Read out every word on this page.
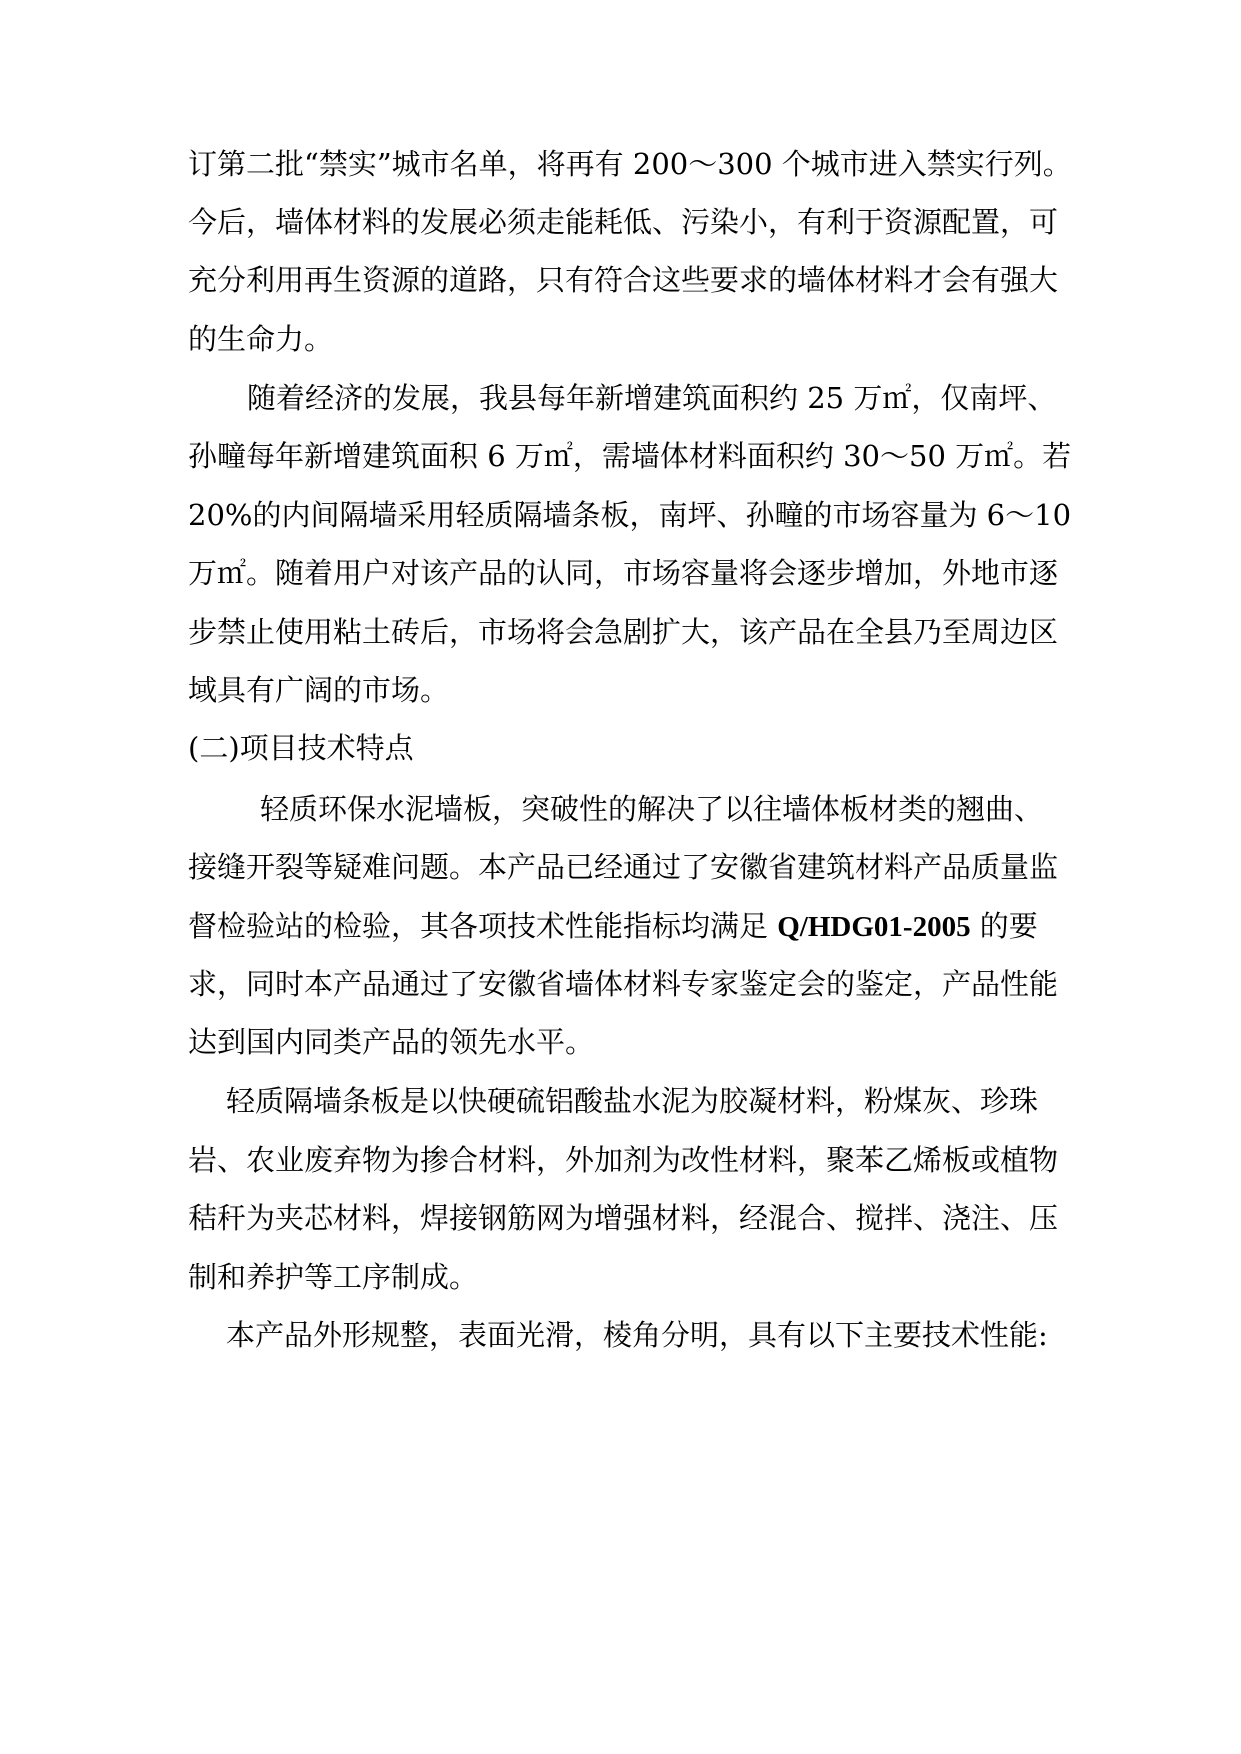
订第二批“禁实”城市名单，将再有 200～300 个城市进入禁实行列。
今后，墙体材料的发展必须走能耗低、污染小，有利于资源配置，可
充分利用再生资源的道路，只有符合这些要求的墙体材料才会有强大
的生命力。
随着经济的发展，我县每年新增建筑面积约 25 万㎡，仅南坪、
孙疃每年新增建筑面积 6 万㎡，需墙体材料面积约 30～50 万㎡。若
20%的内间隔墙采用轻质隔墙条板，南坪、孙疃的市场容量为 6～10
万㎡。随着用户对该产品的认同，市场容量将会逐步增加，外地市逐
步禁止使用粘土砖后，市场将会急剧扩大，该产品在全县乃至周边区
域具有广阔的市场。
(二)项目技术特点
轻质环保水泥墙板，突破性的解决了以往墙体板材类的翘曲、
接缝开裂等疑难问题。本产品已经通过了安徽省建筑材料产品质量监
督检验站的检验，其各项技术性能指标均满足 Q/HDG01-2005 的要
求，同时本产品通过了安徽省墙体材料专家鉴定会的鉴定，产品性能
达到国内同类产品的领先水平。
轻质隔墙条板是以快硬硫铝酸盐水泥为胶凝材料，粉煤灰、珍珠
岩、农业废弃物为掺合材料，外加剂为改性材料，聚苯乙烯板或植物
秸秆为夹芯材料，焊接钢筋网为增强材料，经混合、搅拌、浇注、压
制和养护等工序制成。
本产品外形规整，表面光滑，棱角分明，具有以下主要技术性能:
